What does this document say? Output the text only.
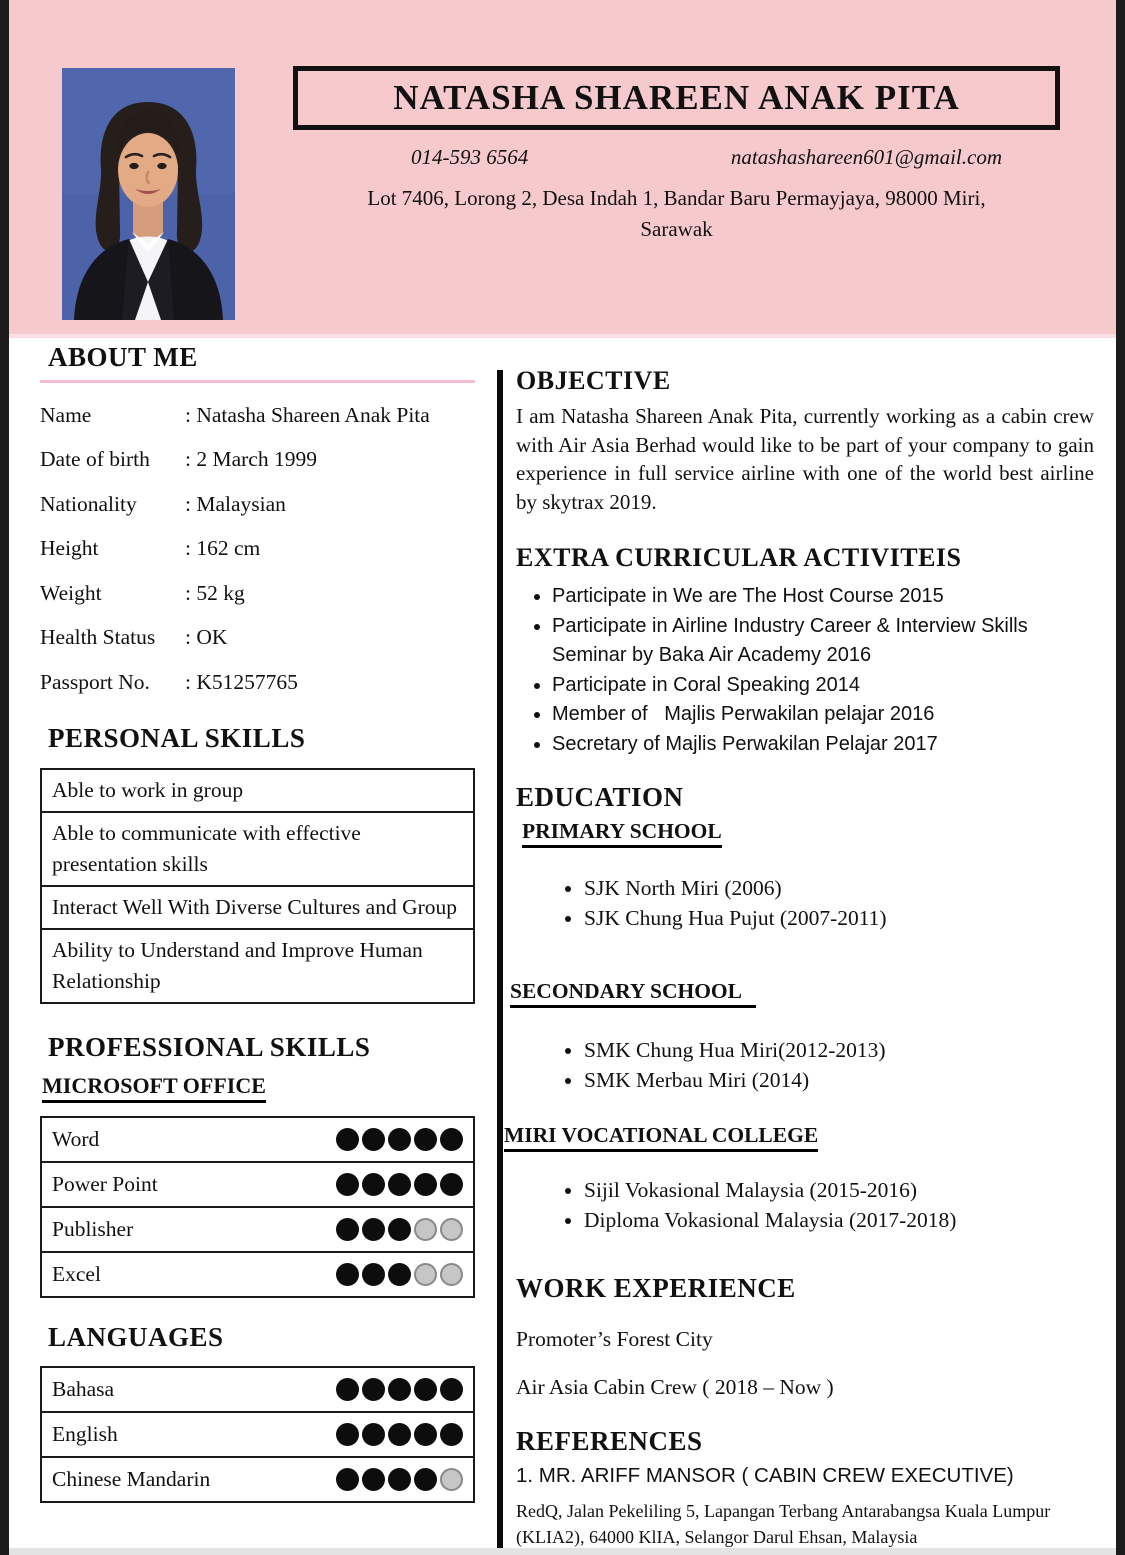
NATASHA SHAREEN ANAK PITA
014-593 6564	natashashareen601@gmail.com
Lot 7406, Lorong 2, Desa Indah 1, Bandar Baru Permayjaya, 98000 Miri,
Sarawak
ABOUT ME
Name	: Natasha Shareen Anak Pita
Date of birth	: 2 March 1999
Nationality	: Malaysian
Height	: 162 cm
Weight	: 52 kg
Health Status	: OK
Passport No.	: K51257765
PERSONAL SKILLS
Able to work in group
Able to communicate with effective presentation skills
Interact Well With Diverse Cultures and Group
Ability to Understand and Improve Human Relationship
PROFESSIONAL SKILLS
MICROSOFT OFFICE
Word
Power Point
Publisher
Excel
LANGUAGES
Bahasa
English
Chinese Mandarin
OBJECTIVE

I am Natasha Shareen Anak Pita, currently working as a cabin crew with Air Asia Berhad would like to be part of your company to gain experience in full service airline with one of the world best airline by skytrax 2019.

EXTRA CURRICULAR ACTIVITEIS
• Participate in We are The Host Course 2015
• Participate in Airline Industry Career & Interview Skills Seminar by Baka Air Academy 2016
• Participate in Coral Speaking 2014
• Member of   Majlis Perwakilan pelajar 2016
• Secretary of Majlis Perwakilan Pelajar 2017
EDUCATION
PRIMARY SCHOOL
• SJK North Miri (2006)
• SJK Chung Hua Pujut (2007-2011)
SECONDARY SCHOOL
• SMK Chung Hua Miri(2012-2013)
• SMK Merbau Miri (2014)
MIRI VOCATIONAL COLLEGE
• Sijil Vokasional Malaysia (2015-2016)
• Diploma Vokasional Malaysia (2017-2018)
WORK EXPERIENCE

Promoter’s Forest City

Air Asia Cabin Crew ( 2018 – Now )

REFERENCES

1. MR. ARIFF MANSOR ( CABIN CREW EXECUTIVE)

RedQ, Jalan Pekeliling 5, Lapangan Terbang Antarabangsa Kuala Lumpur (KLIA2), 64000 KlIA, Selangor Darul Ehsan, Malaysia
